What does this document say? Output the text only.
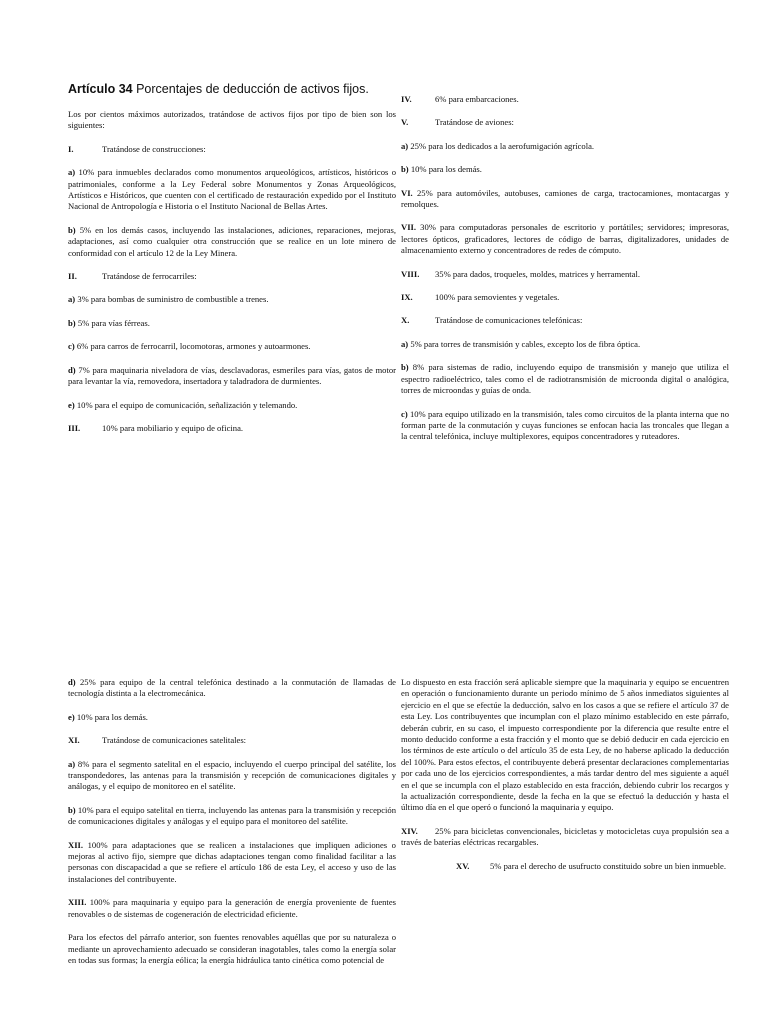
Artículo 34 Porcentajes de deducción de activos fijos.

Los por cientos máximos autorizados, tratándose de activos fijos por tipo de bien son los siguientes:

I.	Tratándose de construcciones:

a) 10% para inmuebles declarados como monumentos arqueológicos, artísticos, históricos o patrimoniales, conforme a la Ley Federal sobre Monumentos y Zonas Arqueológicos, Artísticos e Históricos, que cuenten con el certificado de restauración expedido por el Instituto Nacional de Antropología e Historia o el Instituto Nacional de Bellas Artes.

b) 5% en los demás casos, incluyendo las instalaciones, adiciones, reparaciones, mejoras, adaptaciones, así como cualquier otra construcción que se realice en un lote minero de conformidad con el artículo 12 de la Ley Minera.

II.	Tratándose de ferrocarriles:

a) 3% para bombas de suministro de combustible a trenes.

b) 5% para vías férreas.

c) 6% para carros de ferrocarril, locomotoras, armones y autoarmones.

d) 7% para maquinaria niveladora de vías, desclavadoras, esmeriles para vías, gatos de motor para levantar la vía, removedora, insertadora y taladradora de durmientes.

e) 10% para el equipo de comunicación, señalización y telemando.

III.	10% para mobiliario y equipo de oficina.

IV.	6% para embarcaciones.

V.	Tratándose de aviones:

a) 25% para los dedicados a la aerofumigación agrícola.

b) 10% para los demás.

VI. 25% para automóviles, autobuses, camiones de carga, tractocamiones, montacargas y remolques.

VII. 30% para computadoras personales de escritorio y portátiles; servidores; impresoras, lectores ópticos, graficadores, lectores de código de barras, digitalizadores, unidades de almacenamiento externo y concentradores de redes de cómputo.

VIII. 35% para dados, troqueles, moldes, matrices y herramental.

IX.	100% para semovientes y vegetales.

X.	Tratándose de comunicaciones telefónicas:

a) 5% para torres de transmisión y cables, excepto los de fibra óptica.

b) 8% para sistemas de radio, incluyendo equipo de transmisión y manejo que utiliza el espectro radioeléctrico, tales como el de radiotransmisión de microonda digital o analógica, torres de microondas y guías de onda.

c) 10% para equipo utilizado en la transmisión, tales como circuitos de la planta interna que no forman parte de la conmutación y cuyas funciones se enfocan hacia las troncales que llegan a la central telefónica, incluye multiplexores, equipos concentradores y ruteadores.

d) 25% para equipo de la central telefónica destinado a la conmutación de llamadas de tecnología distinta a la electromecánica.

e) 10% para los demás.

XI.	Tratándose de comunicaciones satelitales:

a) 8% para el segmento satelital en el espacio, incluyendo el cuerpo principal del satélite, los transpondedores, las antenas para la transmisión y recepción de comunicaciones digitales y análogas, y el equipo de monitoreo en el satélite.

b) 10% para el equipo satelital en tierra, incluyendo las antenas para la transmisión y recepción de comunicaciones digitales y análogas y el equipo para el monitoreo del satélite.

XII. 100% para adaptaciones que se realicen a instalaciones que impliquen adiciones o mejoras al activo fijo, siempre que dichas adaptaciones tengan como finalidad facilitar a las personas con discapacidad a que se refiere el artículo 186 de esta Ley, el acceso y uso de las instalaciones del contribuyente.

XIII. 100% para maquinaria y equipo para la generación de energía proveniente de fuentes renovables o de sistemas de cogeneración de electricidad eficiente.

Para los efectos del párrafo anterior, son fuentes renovables aquéllas que por su naturaleza o mediante un aprovechamiento adecuado se consideran inagotables, tales como la energía solar en todas sus formas; la energía eólica; la energía hidráulica tanto cinética como potencial de

Lo dispuesto en esta fracción será aplicable siempre que la maquinaria y equipo se encuentren en operación o funcionamiento durante un periodo mínimo de 5 años inmediatos siguientes al ejercicio en el que se efectúe la deducción, salvo en los casos a que se refiere el artículo 37 de esta Ley. Los contribuyentes que incumplan con el plazo mínimo establecido en este párrafo, deberán cubrir, en su caso, el impuesto correspondiente por la diferencia que resulte entre el monto deducido conforme a esta fracción y el monto que se debió deducir en cada ejercicio en los términos de este artículo o del artículo 35 de esta Ley, de no haberse aplicado la deducción del 100%. Para estos efectos, el contribuyente deberá presentar declaraciones complementarias por cada uno de los ejercicios correspondientes, a más tardar dentro del mes siguiente a aquél en el que se incumpla con el plazo establecido en esta fracción, debiendo cubrir los recargos y la actualización correspondiente, desde la fecha en la que se efectuó la deducción y hasta el último día en el que operó o funcionó la maquinaria y equipo.

XIV. 25% para bicicletas convencionales, bicicletas y motocicletas cuya propulsión sea a través de baterías eléctricas recargables.

XV. 5% para el derecho de usufructo constituido sobre un bien inmueble.
